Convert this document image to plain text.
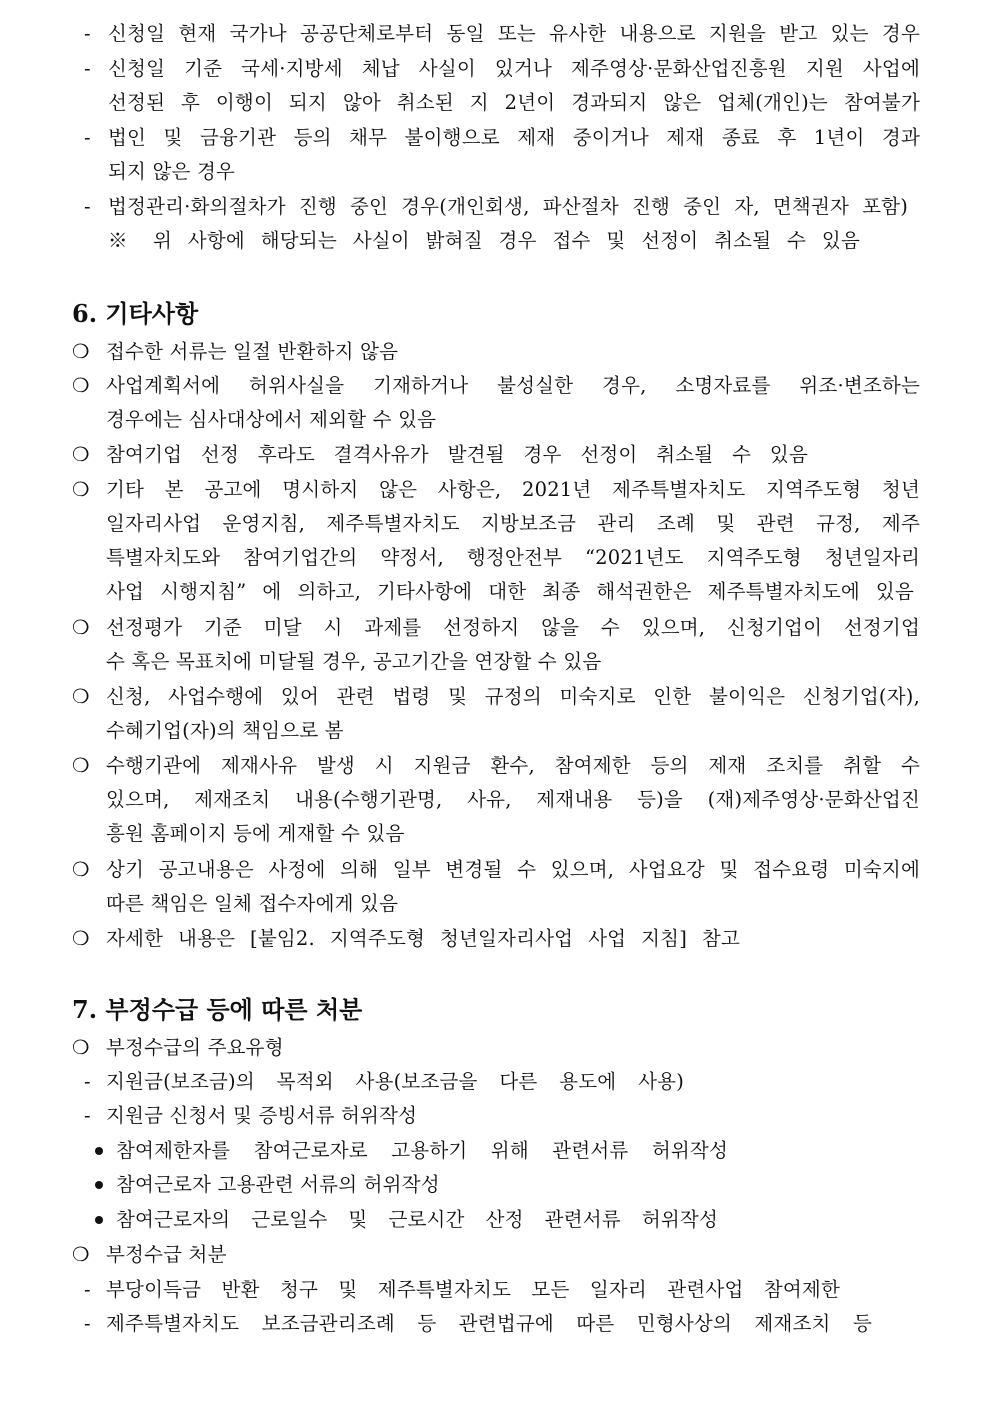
- 신청일 현재 국가나 공공단체로부터 동일 또는 유사한 내용으로 지원을 받고 있는 경우
- 신청일 기준 국세·지방세 체납 사실이 있거나 제주영상·문화산업진흥원 지원 사업에
선정된 후 이행이 되지 않아 취소된 지 2년이 경과되지 않은 업체(개인)는 참여불가
- 법인 및 금융기관 등의 채무 불이행으로 제재 중이거나 제재 종료 후 1년이 경과
되지 않은 경우
- 법정관리·화의절차가 진행 중인 경우(개인회생, 파산절차 진행 중인 자, 면책권자 포함)
※ 위 사항에 해당되는 사실이 밝혀질 경우 접수 및 선정이 취소될 수 있음
6. 기타사항
❍ 접수한 서류는 일절 반환하지 않음
❍ 사업계획서에 허위사실을 기재하거나 불성실한 경우, 소명자료를 위조·변조하는
경우에는 심사대상에서 제외할 수 있음
❍ 참여기업 선정 후라도 결격사유가 발견될 경우 선정이 취소될 수 있음
❍ 기타 본 공고에 명시하지 않은 사항은, 2021년 제주특별자치도 지역주도형 청년
일자리사업 운영지침, 제주특별자치도 지방보조금 관리 조례 및 관련 규정, 제주
특별자치도와 참여기업간의 약정서, 행정안전부 “2021년도 지역주도형 청년일자리
사업 시행지침” 에 의하고, 기타사항에 대한 최종 해석권한은 제주특별자치도에 있음
❍ 선정평가 기준 미달 시 과제를 선정하지 않을 수 있으며, 신청기업이 선정기업
수 혹은 목표치에 미달될 경우, 공고기간을 연장할 수 있음
❍ 신청, 사업수행에 있어 관련 법령 및 규정의 미숙지로 인한 불이익은 신청기업(자),
수혜기업(자)의 책임으로 봄
❍ 수행기관에 제재사유 발생 시 지원금 환수, 참여제한 등의 제재 조치를 취할 수
있으며, 제재조치 내용(수행기관명, 사유, 제재내용 등)을 (재)제주영상·문화산업진
흥원 홈페이지 등에 게재할 수 있음
❍ 상기 공고내용은 사정에 의해 일부 변경될 수 있으며, 사업요강 및 접수요령 미숙지에
따른 책임은 일체 접수자에게 있음
❍ 자세한 내용은 [붙임2. 지역주도형 청년일자리사업 사업 지침] 참고
7. 부정수급 등에 따른 처분
❍ 부정수급의 주요유형
- 지원금(보조금)의 목적외 사용(보조금을 다른 용도에 사용)
- 지원금 신청서 및 증빙서류 허위작성
참여제한자를 참여근로자로 고용하기 위해 관련서류 허위작성
참여근로자 고용관련 서류의 허위작성
참여근로자의 근로일수 및 근로시간 산정 관련서류 허위작성
❍ 부정수급 처분
- 부당이득금 반환 청구 및 제주특별자치도 모든 일자리 관련사업 참여제한
- 제주특별자치도 보조금관리조례 등 관련법규에 따른 민형사상의 제재조치 등
